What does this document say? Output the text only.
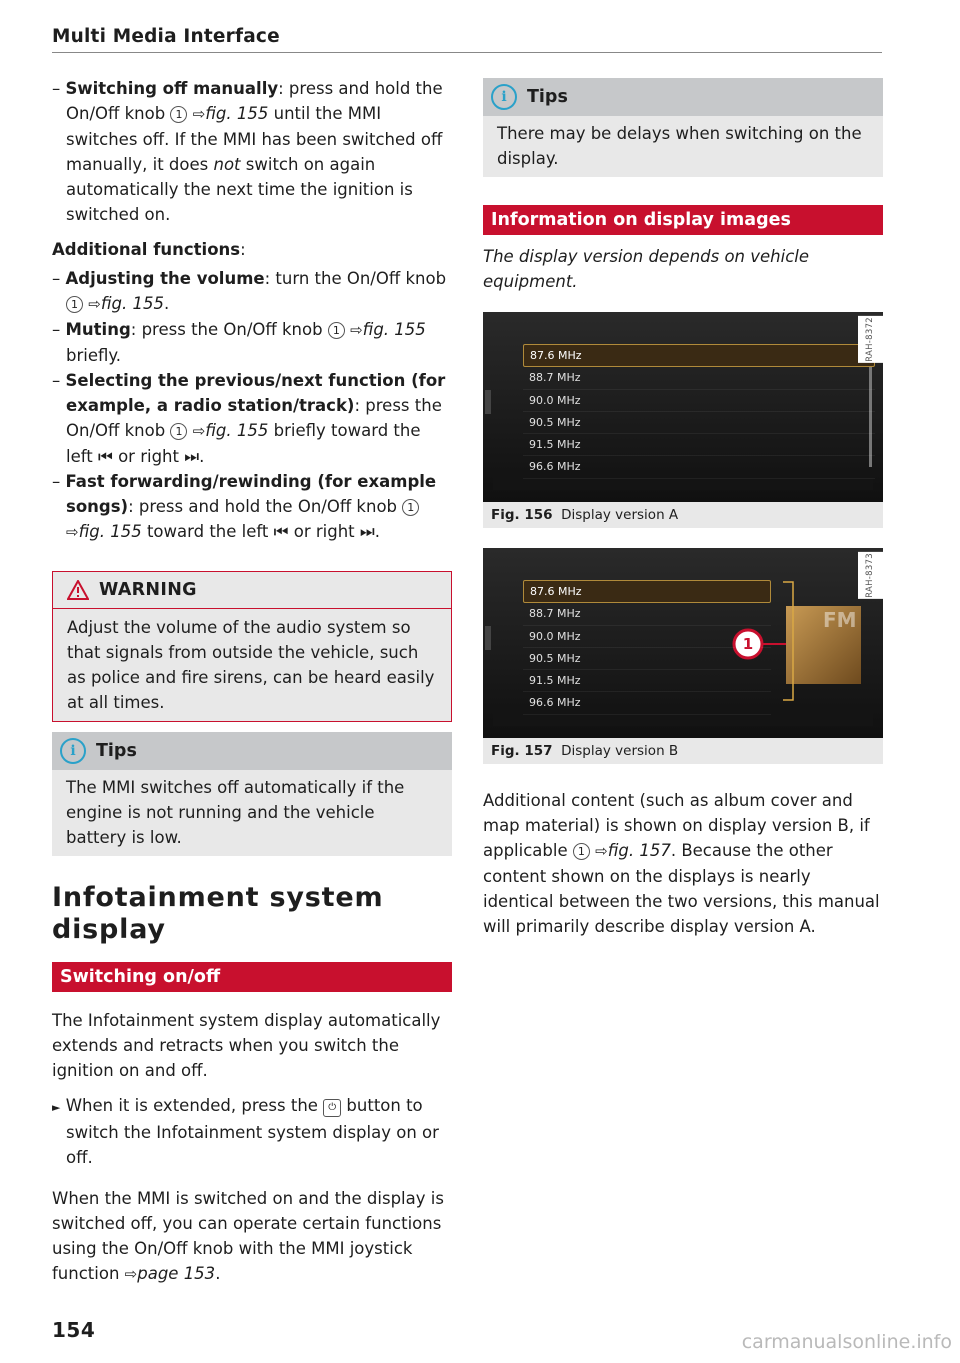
Multi Media Interface

– Switching off manually: press and hold the On/Off knob 1 ⇨fig. 155 until the MMI switches off. If the MMI has been switched off manually, it does not switch on again automatically the next time the ignition is switched on.

Additional functions:

– Adjusting the volume: turn the On/Off knob 1 ⇨fig. 155.

– Muting: press the On/Off knob 1 ⇨fig. 155 briefly.

– Selecting the previous/next function (for example, a radio station/track): press the On/Off knob 1 ⇨fig. 155 briefly toward the left ⏮ or right ⏭.

– Fast forwarding/rewinding (for example songs): press and hold the On/Off knob 1 ⇨fig. 155 toward the left ⏮ or right ⏭.

WARNING
Adjust the volume of the audio system so that signals from outside the vehicle, such as police and fire sirens, can be heard easily at all times.
i	Tips
The MMI switches off automatically if the engine is not running and the vehicle battery is low.
Infotainment system display
Switching on/off

The Infotainment system display automatically extends and retracts when you switch the ignition on and off.

► When it is extended, press the ⏻ button to switch the Infotainment system display on or off.

When the MMI is switched on and the display is switched off, you can operate certain functions using the On/Off knob with the MMI joystick function ⇨page 153.

i	Tips
There may be delays when switching on the display.
Information on display images

The display version depends on vehicle equipment.

87.6 MHz
88.7 MHz
90.0 MHz
90.5 MHz
91.5 MHz
96.6 MHz
RAH-8372
Fig. 156 Display version A
1
FM
87.6 MHz
88.7 MHz
90.0 MHz
90.5 MHz
91.5 MHz
96.6 MHz
RAH-8373
Fig. 157 Display version B

Additional content (such as album cover and map material) is shown on display version B, if applicable 1 ⇨fig. 157. Because the other content shown on the displays is nearly identical between the two versions, this manual will primarily describe display version A.

154	carmanualsonline.info
